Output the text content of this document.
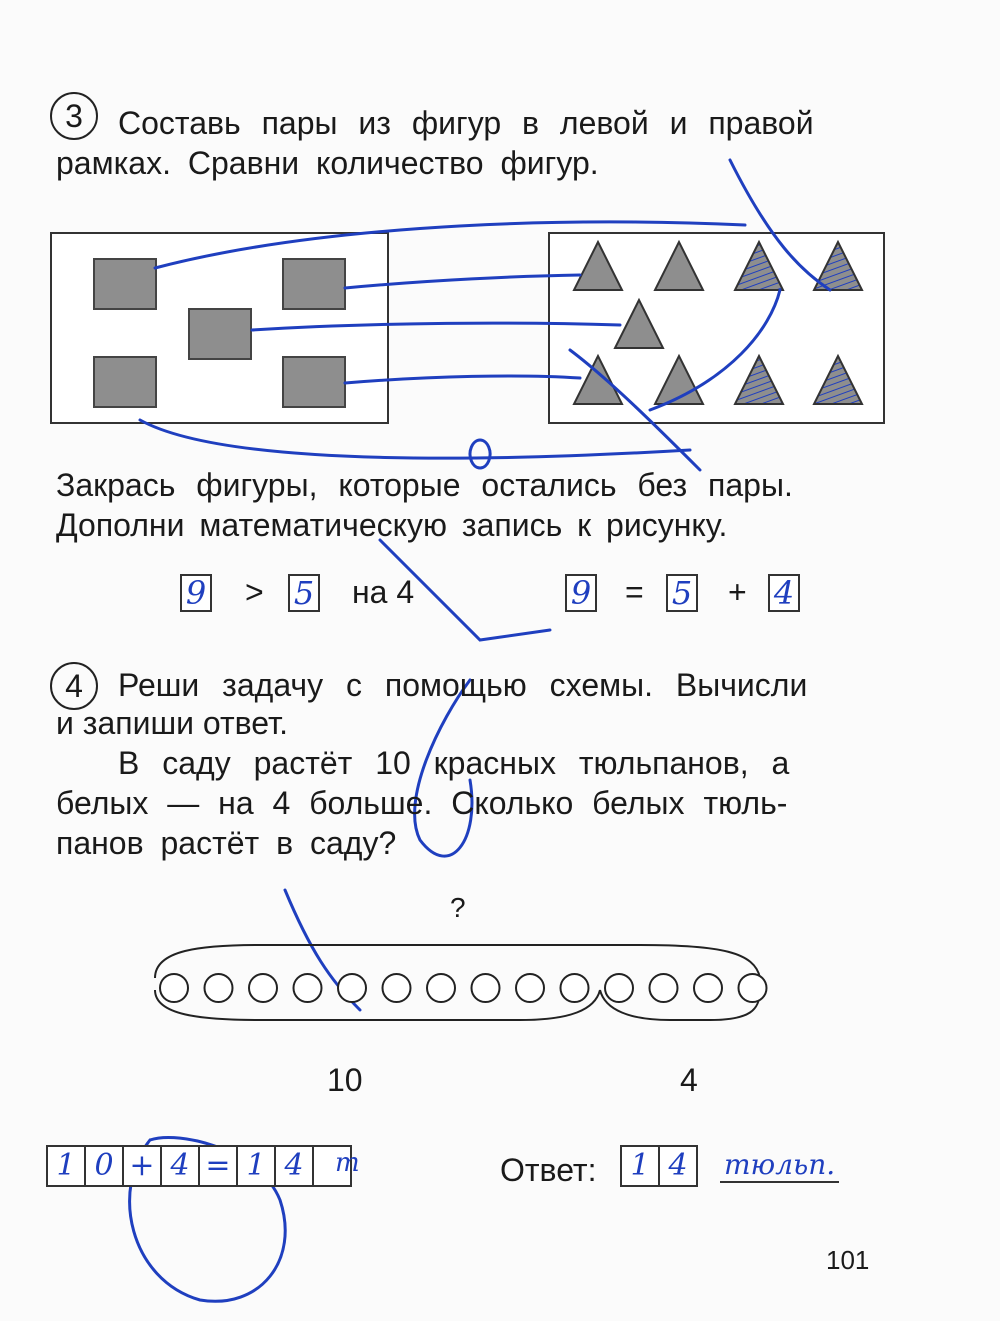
3	Составь пары из фигур в левой и правой
рамках. Сравни количество фигур.
Закрась фигуры, которые остались без пары.
Дополни математическую запись к рисунку.
9 > 5 на 4	9 = 5 + 4
4	Реши задачу с помощью схемы. Вычисли
и запиши ответ.
В саду растёт 10 красных тюльпанов, а
белых — на 4 больше. Сколько белых тюль-
панов растёт в саду?
?
10	4
1 0 + 4 = 1 4	т	Ответ:	1 4	тюльп.
101
